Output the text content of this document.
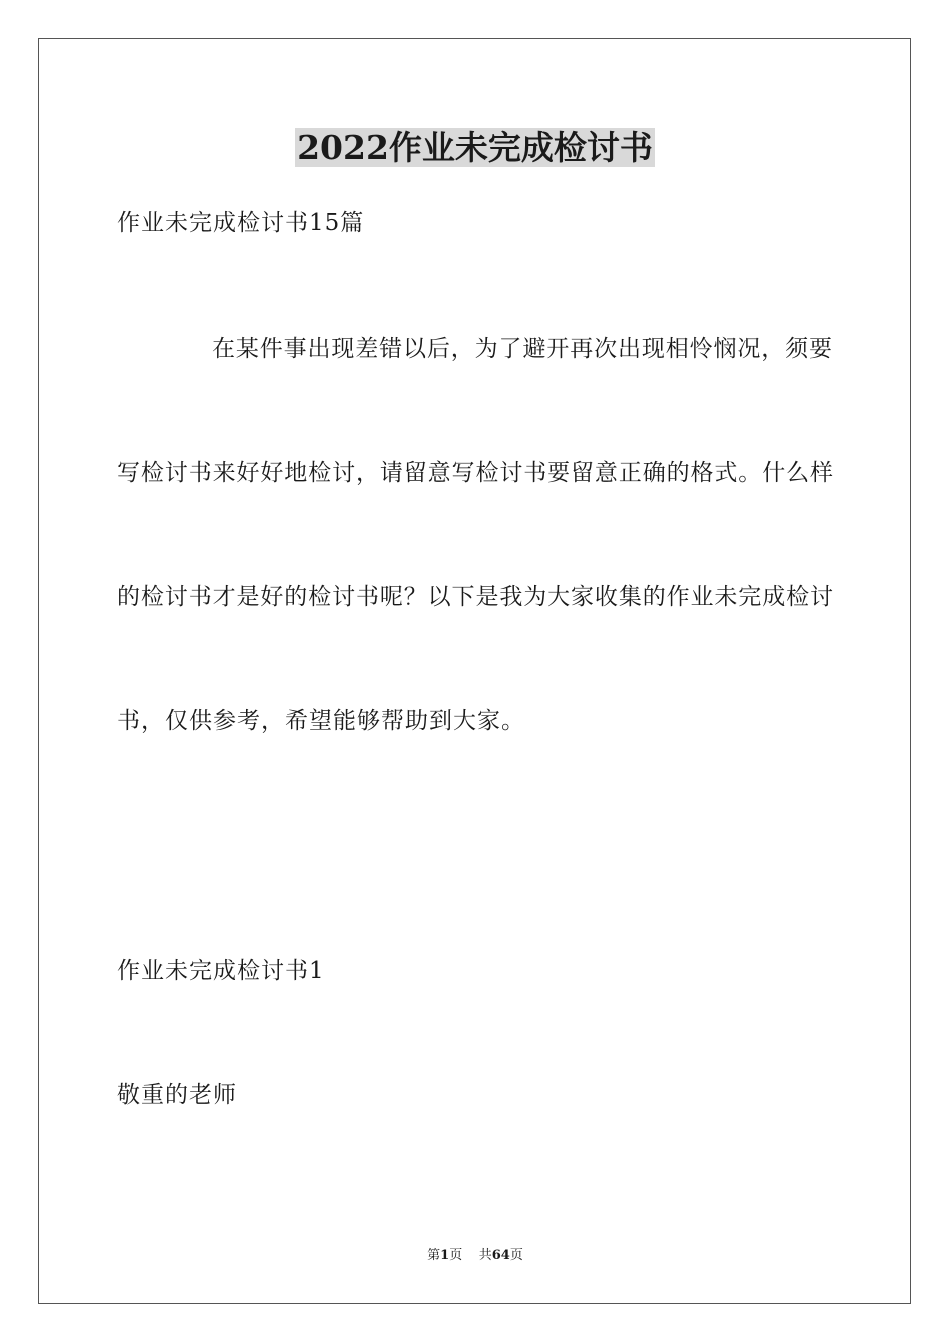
2022作业未完成检讨书
作业未完成检讨书15篇
在某件事出现差错以后，为了避开再次出现相怜悯况，须要
写检讨书来好好地检讨，请留意写检讨书要留意正确的格式。什么样
的检讨书才是好的检讨书呢？以下是我为大家收集的作业未完成检讨
书，仅供参考，希望能够帮助到大家。
作业未完成检讨书1
敬重的老师
第1页 共64页
